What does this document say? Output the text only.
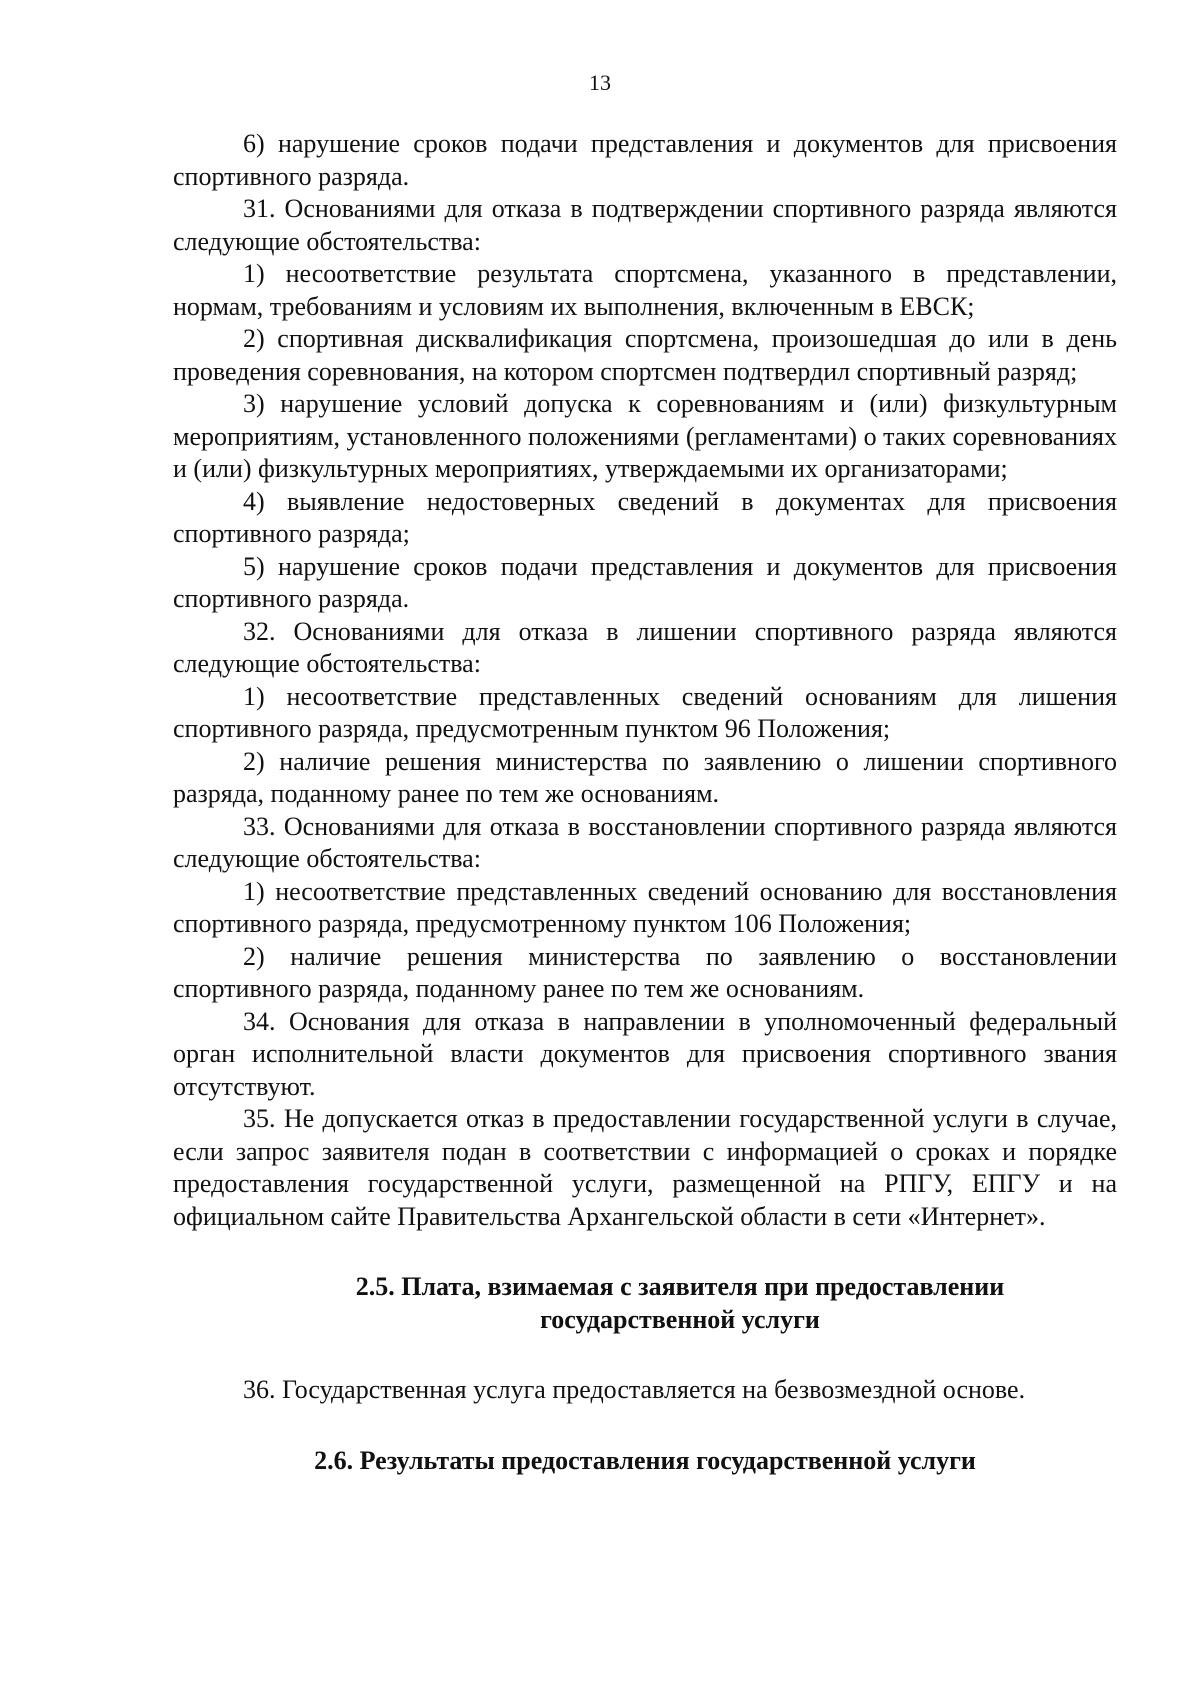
13

6) нарушение сроков подачи представления и документов для присвоения спортивного разряда.

31. Основаниями для отказа в подтверждении спортивного разряда являются следующие обстоятельства:

1) несоответствие результата спортсмена, указанного в представлении, нормам, требованиям и условиям их выполнения, включенным в ЕВСК;

2) спортивная дисквалификация спортсмена, произошедшая до или в день проведения соревнования, на котором спортсмен подтвердил спортивный разряд;

3) нарушение условий допуска к соревнованиям и (или) физкультурным мероприятиям, установленного положениями (регламентами) о таких соревнованиях и (или) физкультурных мероприятиях, утверждаемыми их организаторами;

4) выявление недостоверных сведений в документах для присвоения спортивного разряда;

5) нарушение сроков подачи представления и документов для присвоения спортивного разряда.

32. Основаниями для отказа в лишении спортивного разряда являются следующие обстоятельства:

1) несоответствие представленных сведений основаниям для лишения спортивного разряда, предусмотренным пунктом 96 Положения;

2) наличие решения министерства по заявлению о лишении спортивного разряда, поданному ранее по тем же основаниям.

33. Основаниями для отказа в восстановлении спортивного разряда являются следующие обстоятельства:

1) несоответствие представленных сведений основанию для восстановления спортивного разряда, предусмотренному пунктом 106 Положения;

2) наличие решения министерства по заявлению о восстановлении спортивного разряда, поданному ранее по тем же основаниям.

34. Основания для отказа в направлении в уполномоченный федеральный орган исполнительной власти документов для присвоения спортивного звания отсутствуют.

35. Не допускается отказ в предоставлении государственной услуги в случае, если запрос заявителя подан в соответствии с информацией о сроках и порядке предоставления государственной услуги, размещенной на РПГУ, ЕПГУ и на официальном сайте Правительства Архангельской области в сети «Интернет».

2.5. Плата, взимаемая с заявителя при предоставлении
государственной услуги

36. Государственная услуга предоставляется на безвозмездной основе.

2.6. Результаты предоставления государственной услуги
